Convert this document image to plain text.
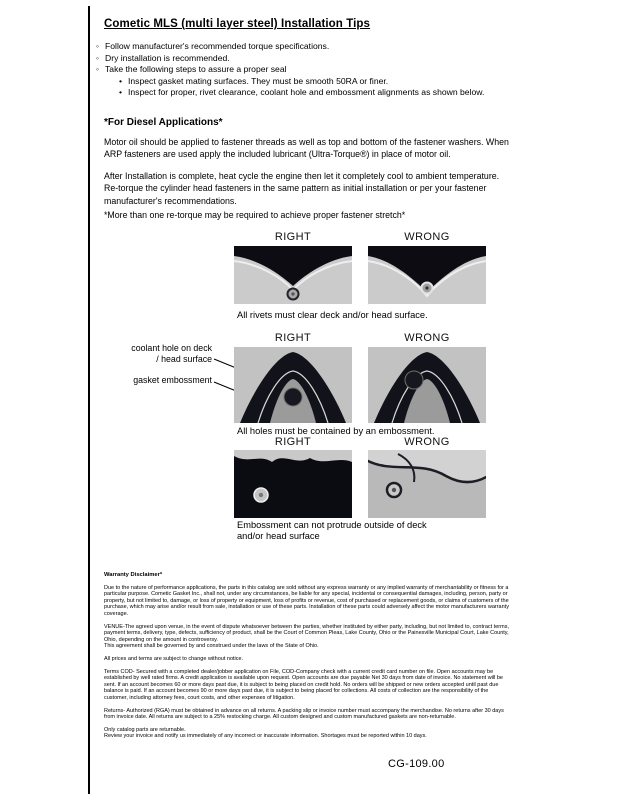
Cometic MLS (multi layer steel) Installation Tips
◦ Follow manufacturer's recommended torque specifications.
◦ Dry installation is recommended.
◦ Take the following steps to assure a proper seal
• Inspect gasket mating surfaces. They must be smooth 50RA or finer.
• Inspect for proper, rivet clearance, coolant hole and embossment alignments as shown below.
*For Diesel Applications*

Motor oil should be applied to fastener threads as well as top and bottom of the fastener washers. When ARP fasteners are used apply the included lubricant (Ultra-Torque®) in place of motor oil.

After Installation is complete, heat cycle the engine then let it completely cool to ambient temperature. Re-torque the cylinder head fasteners in the same pattern as initial installation or per your fastener manufacturer's recommendations.

*More than one re-torque may be required to achieve proper fastener stretch*

RIGHT	WRONG

All rivets must clear deck and/or head surface.

RIGHT	WRONG
coolant hole on deck / head surface
gasket embossment

All holes must be contained by an embossment.

RIGHT	WRONG

Embossment can not protrude outside of deck and/or head surface

Warranty Disclaimer*

Due to the nature of performance applications, the parts in this catalog are sold without any express warranty or any implied warranty of merchantability or fitness for a particular purpose. Cometic Gasket Inc., shall not, under any circumstances, be liable for any special, incidental or consequential damages, including, person, party or property, but not limited to, damage, or loss of property or equipment, loss of profits or revenue, cost of purchased or replacement goods, or claims of customers of the purchase, which may arise and/or result from sale, installation or use of these parts. Installation of these parts could adversely affect the motor manufacturers warranty coverage.

VENUE-The agreed upon venue, in the event of dispute whatsoever between the parties, whether instituted by either party, including, but not limited to, contract terms, payment terms, delivery, type, defects, sufficiency of product, shall be the Court of Common Pleas, Lake County, Ohio or the Painesville Municipal Court, Lake County, Ohio, depending on the amount in controversy.

This agreement shall be governed by and construed under the laws of the State of Ohio.

All prices and terms are subject to change without notice.

Terms COD- Secured with a completed dealer/jobber application on File, COD-Company check with a current credit card number on file. Open accounts may be established by well rated firms. A credit application is available upon request. Open accounts are due payable Net 30 days from date of invoice. No statement will be sent. If an account becomes 60 or more days past due, it is subject to being placed on credit hold. No orders will be shipped or new orders accepted until past due balance is paid. If an account becomes 90 or more days past due, it is subject to being placed for collections. All costs of collection are the responsibility of the customer, including attorney fees, court costs, and other expenses of litigation.

Returns- Authorized (RGA) must be obtained in advance on all returns. A packing slip or invoice number must accompany the merchandise. No returns after 30 days from invoice date. All returns are subject to a 25% restocking charge. All custom designed and custom manufactured gaskets are non-returnable.

Only catalog parts are returnable.

Review your invoice and notify us immediately of any incorrect or inaccurate information. Shortages must be reported within 10 days.

CG-109.00
